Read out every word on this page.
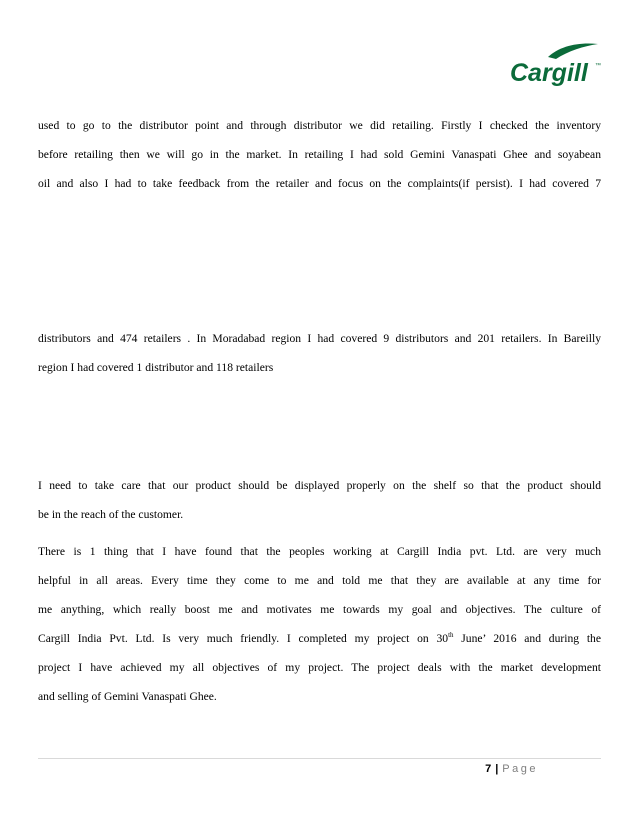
Cargill ™
used to go to the distributor point and through distributor we did retailing. Firstly I checked the inventory
before retailing then we will go in the market. In retailing I had sold Gemini Vanaspati Ghee and soyabean
oil and also I had to take feedback from the retailer and focus on the complaints(if persist). I had covered 7
distributors and 474 retailers . In Moradabad region I had covered 9 distributors and 201 retailers. In Bareilly
region I had covered 1 distributor and 118 retailers
I need to take care that our product should be displayed properly on the shelf so that the product should
be in the reach of the customer.
There is 1 thing that I have found that the peoples working at Cargill India pvt. Ltd. are very much
helpful in all areas. Every time they come to me and told me that they are available at any time for
me anything, which really boost me and motivates me towards my goal and objectives. The culture of
Cargill India Pvt. Ltd. Is very much friendly. I completed my project on 30th June’ 2016 and during the
project I have achieved my all objectives of my project. The project deals with the market development
and selling of Gemini Vanaspati Ghee.
7 | Page
